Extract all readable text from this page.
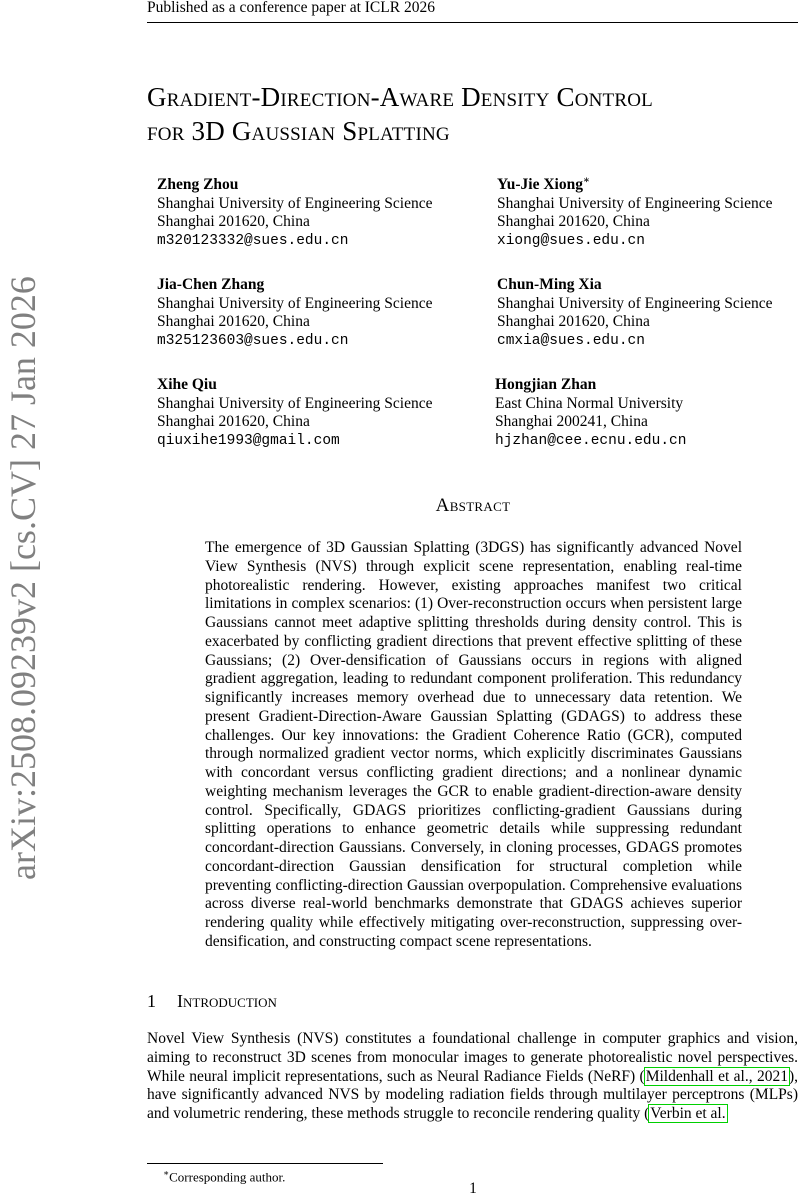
Published as a conference paper at ICLR 2026
arXiv:2508.09239v2 [cs.CV] 27 Jan 2026
Gradient-Direction-Aware Density Control
for 3D Gaussian Splatting
Zheng Zhou
Shanghai University of Engineering Science
Shanghai 201620, China
m320123332@sues.edu.cn
Yu-Jie Xiong∗
Shanghai University of Engineering Science
Shanghai 201620, China
xiong@sues.edu.cn
Jia-Chen Zhang
Shanghai University of Engineering Science
Shanghai 201620, China
m325123603@sues.edu.cn
Chun-Ming Xia
Shanghai University of Engineering Science
Shanghai 201620, China
cmxia@sues.edu.cn
Xihe Qiu
Shanghai University of Engineering Science
Shanghai 201620, China
qiuxihe1993@gmail.com
Hongjian Zhan
East China Normal University
Shanghai 200241, China
hjzhan@cee.ecnu.edu.cn
Abstract
The emergence of 3D Gaussian Splatting (3DGS) has significantly advanced Novel View Synthesis (NVS) through explicit scene representation, enabling real-time photorealistic rendering. However, existing approaches manifest two critical limitations in complex scenarios: (1) Over-reconstruction occurs when persistent large Gaussians cannot meet adaptive splitting thresholds during density control. This is exacerbated by conflicting gradient directions that prevent effective splitting of these Gaussians; (2) Over-densification of Gaussians occurs in regions with aligned gradient aggregation, leading to redundant component proliferation. This redundancy significantly increases memory overhead due to unnecessary data retention. We present Gradient-Direction-Aware Gaussian Splatting (GDAGS) to address these challenges. Our key innovations: the Gradient Coherence Ratio (GCR), computed through normalized gradient vector norms, which explicitly discriminates Gaussians with concordant versus conflicting gradient directions; and a nonlinear dynamic weighting mechanism leverages the GCR to enable gradient-direction-aware density control. Specifically, GDAGS prioritizes conflicting-gradient Gaussians during splitting operations to enhance geometric details while suppressing redundant concordant-direction Gaussians. Conversely, in cloning processes, GDAGS promotes concordant-direction Gaussian densification for structural completion while preventing conflicting-direction Gaussian overpopulation. Comprehensive evaluations across diverse real-world benchmarks demonstrate that GDAGS achieves superior rendering quality while effectively mitigating over-reconstruction, suppressing over-densification, and constructing compact scene representations.
1 Introduction
Novel View Synthesis (NVS) constitutes a foundational challenge in computer graphics and vision, aiming to reconstruct 3D scenes from monocular images to generate photorealistic novel perspectives. While neural implicit representations, such as Neural Radiance Fields (NeRF) (Mildenhall et al., 2021), have significantly advanced NVS by modeling radiation fields through multilayer perceptrons (MLPs) and volumetric rendering, these methods struggle to reconcile rendering quality (Verbin et al.
∗Corresponding author.
1
